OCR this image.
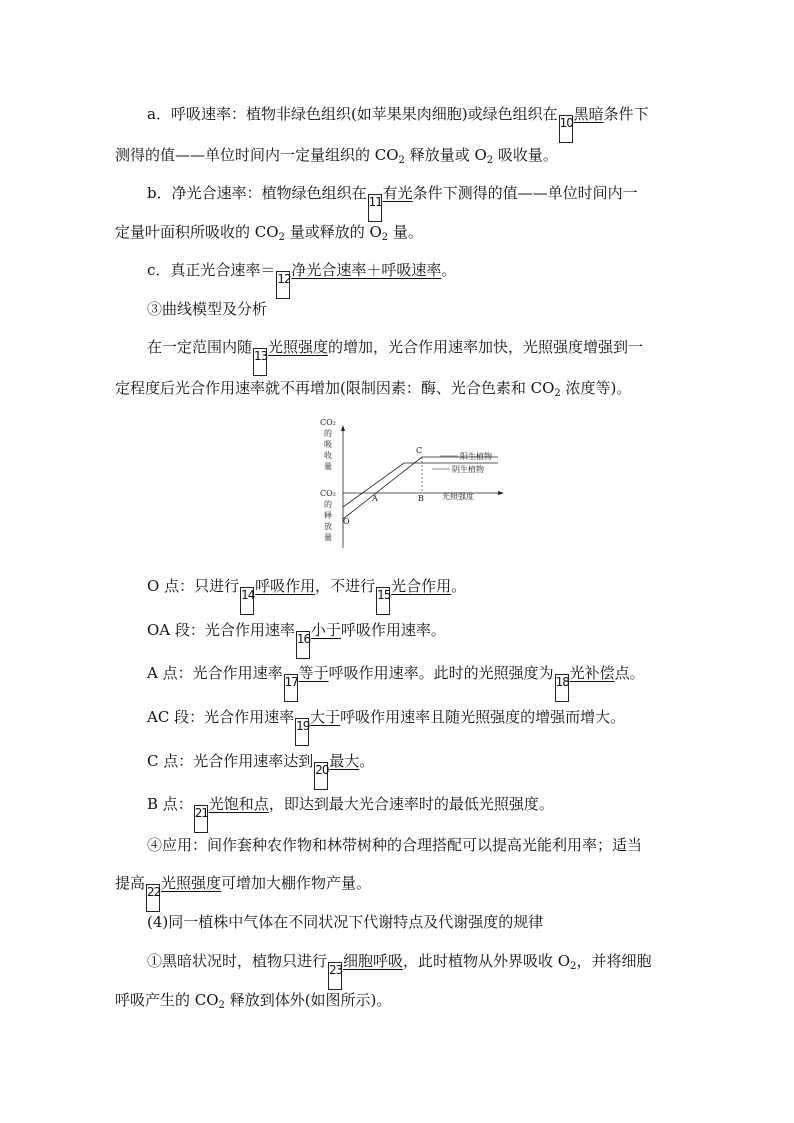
a．呼吸速率：植物非绿色组织(如苹果果肉细胞)或绿色组织在 10黑暗条件下
测得的值——单位时间内一定量组织的 $CO_2$ 释放量或 $O_2$ 吸收量。
b．净光合速率：植物绿色组织在 11有光条件下测得的值——单位时间内一
定量叶面积所吸收的 $CO_2$ 量或释放的 $O_2$ 量。
c．真正光合速率＝ 12净光合速率＋呼吸速率。
③曲线模型及分析
在一定范围内随 13光照强度的增加，光合作用速率加快，光照强度增强到一
定程度后光合作用速率就不再增加(限制因素：酶、光合色素和 $CO_2$ 浓度等)。
CO₂
的
吸
收
量
CO₂
的
释
放
量
O
A	B
C
光照强度
阳生植物
阴生植物
O 点：只进行 14呼吸作用，不进行 15光合作用。
OA 段：光合作用速率 16小于呼吸作用速率。
A 点：光合作用速率 17等于呼吸作用速率。此时的光照强度为 18光补偿点。
AC 段：光合作用速率 19大于呼吸作用速率且随光照强度的增强而增大。
C 点：光合作用速率达到 20最大。
B 点： 21光饱和点，即达到最大光合速率时的最低光照强度。
④应用：间作套种农作物和林带树种的合理搭配可以提高光能利用率；适当
提高 22光照强度可增加大棚作物产量。
(4)同一植株中气体在不同状况下代谢特点及代谢强度的规律
①黑暗状况时，植物只进行 23细胞呼吸，此时植物从外界吸收 $O_2$，并将细胞
呼吸产生的 $CO_2$ 释放到体外(如图所示)。
